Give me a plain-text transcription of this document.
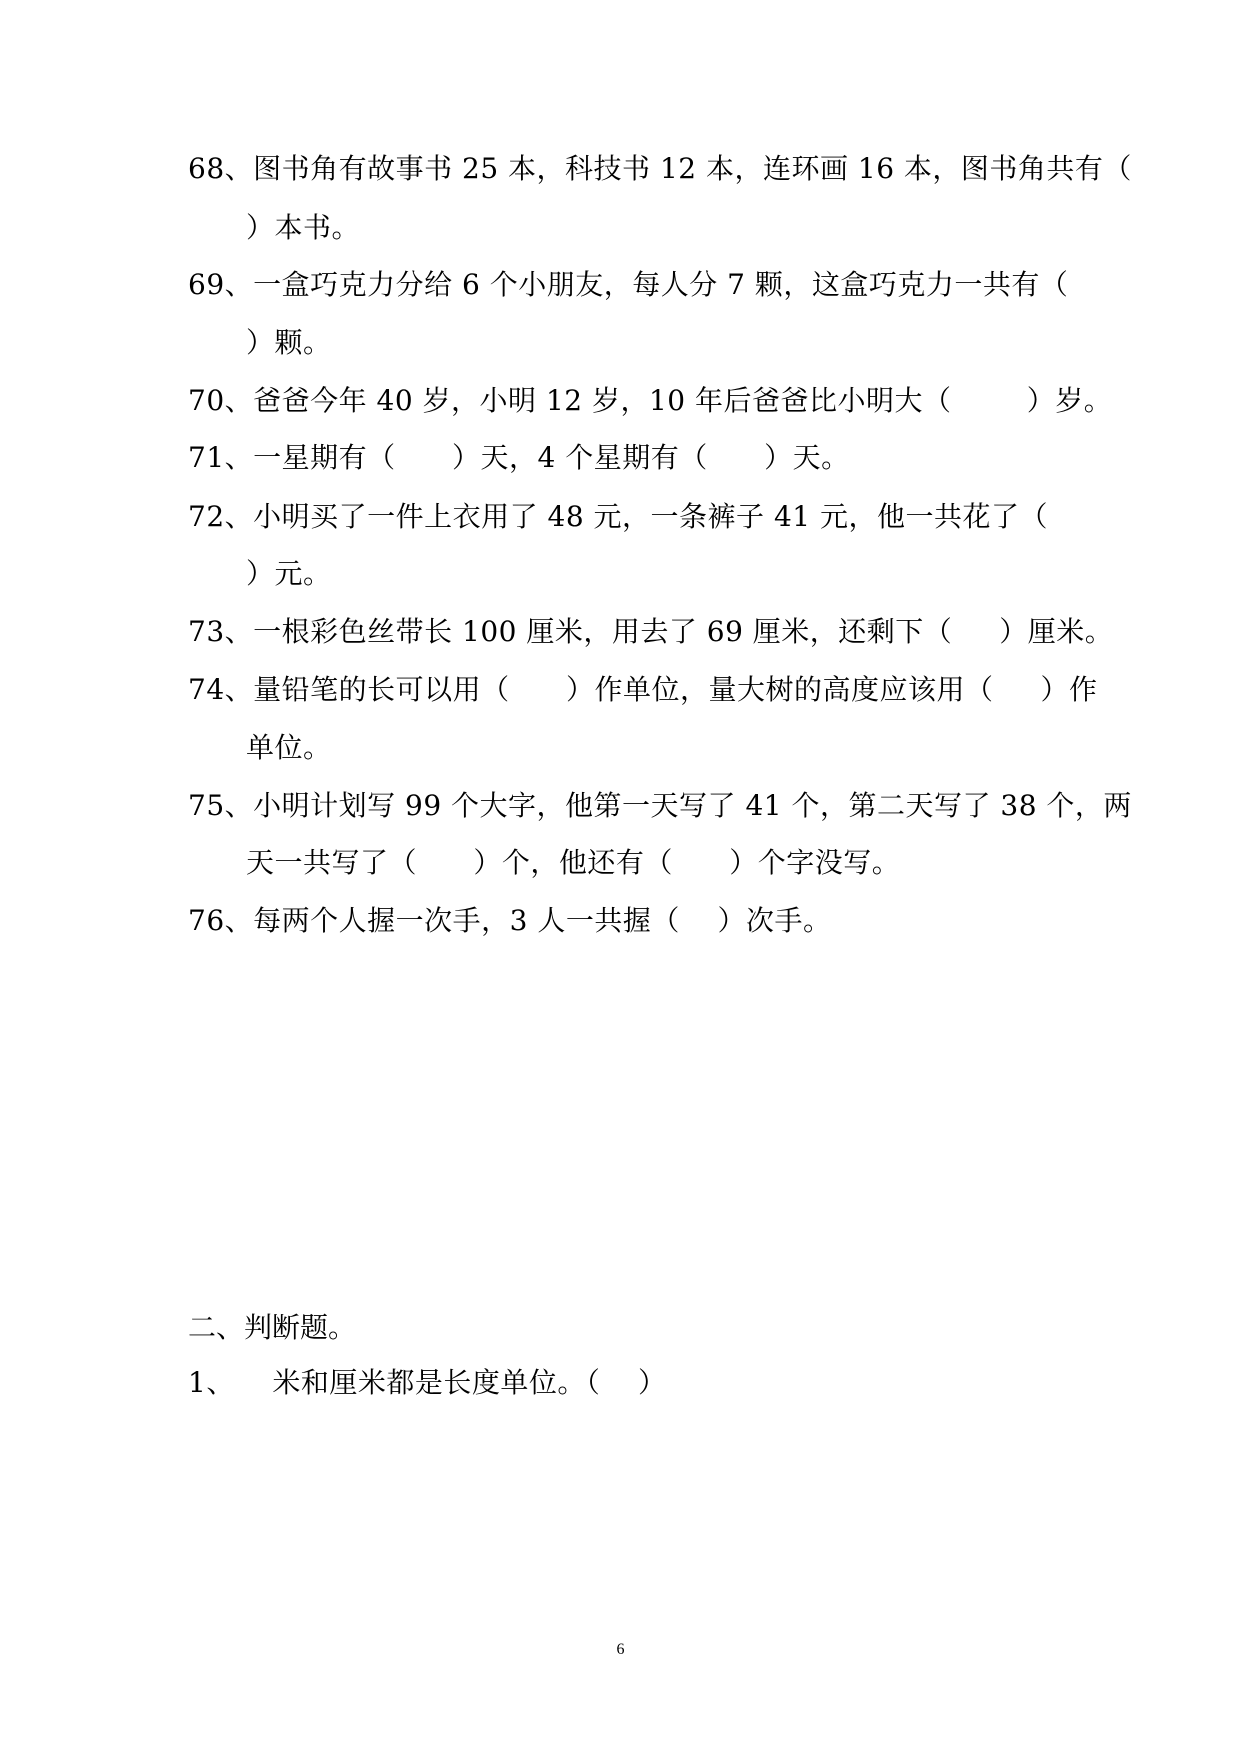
68、图书角有故事书 25 本，科技书 12 本，连环画 16 本，图书角共有（
）本书。
69、一盒巧克力分给 6 个小朋友，每人分 7 颗，这盒巧克力一共有（
）颗。
70、爸爸今年 40 岁，小明 12 岁，10 年后爸爸比小明大（        ）岁。
71、一星期有（      ）天，4 个星期有（      ）天。
72、小明买了一件上衣用了 48 元，一条裤子 41 元，他一共花了（
）元。
73、一根彩色丝带长 100 厘米，用去了 69 厘米，还剩下（     ）厘米。
74、量铅笔的长可以用（      ）作单位，量大树的高度应该用（     ）作
单位。
75、小明计划写 99 个大字，他第一天写了 41 个，第二天写了 38 个，两
天一共写了（      ）个，他还有（      ）个字没写。
76、每两个人握一次手，3 人一共握（    ）次手。
二、判断题。
1、    米和厘米都是长度单位。（    ）
6
